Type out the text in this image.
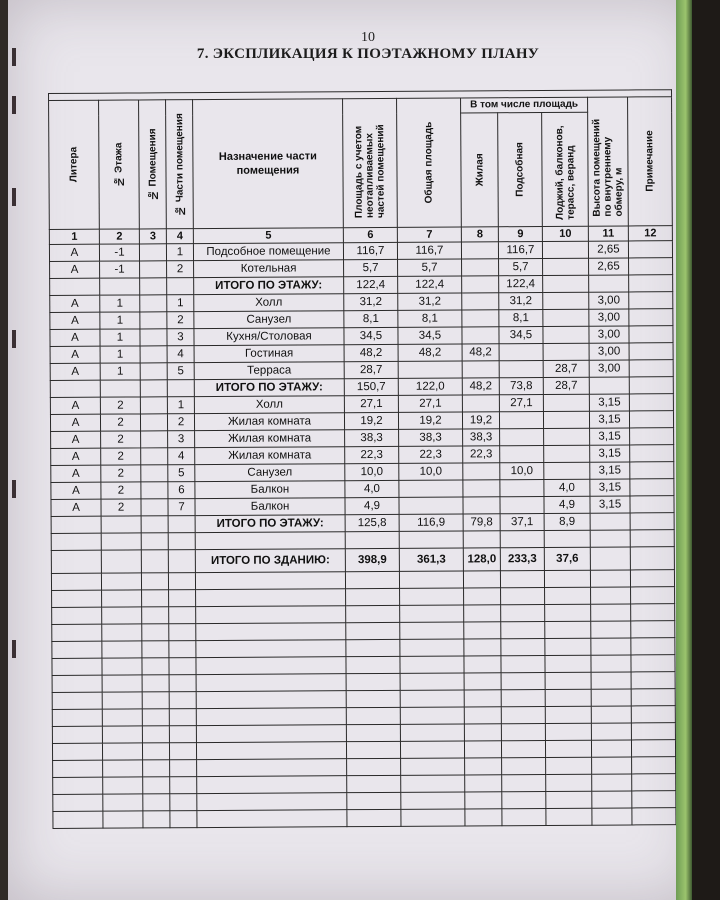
10
7. ЭКСПЛИКАЦИЯ К ПОЭТАЖНОМУ ПЛАНУ

Литера	№ Этажа	№ Помещения	№ Части помещения	Назначение части помещения	Площадь с учетом неотапливаемых частей помещений	Общая площадь	В том числе площадь			Высота помещений по внутреннему обмеру, м	Примечание

							Жилая	Подсобная	Лоджий, балконов, терасс, веранд		

1	2	3	4	5	6	7	8	9	10	11	12
А	-1		1	Подсобное помещение	116,7	116,7		116,7		2,65	
А	-1		2	Котельная	5,7	5,7		5,7		2,65	
				ИТОГО ПО ЭТАЖУ:	122,4	122,4		122,4			
А	1		1	Холл	31,2	31,2		31,2		3,00	
А	1		2	Санузел	8,1	8,1		8,1		3,00	
А	1		3	Кухня/Столовая	34,5	34,5		34,5		3,00	
А	1		4	Гостиная	48,2	48,2	48,2			3,00	
А	1		5	Терраса	28,7				28,7	3,00	
				ИТОГО ПО ЭТАЖУ:	150,7	122,0	48,2	73,8	28,7		
А	2		1	Холл	27,1	27,1		27,1		3,15	
А	2		2	Жилая комната	19,2	19,2	19,2			3,15	
А	2		3	Жилая комната	38,3	38,3	38,3			3,15	
А	2		4	Жилая комната	22,3	22,3	22,3			3,15	
А	2		5	Санузел	10,0	10,0		10,0		3,15	
А	2		6	Балкон	4,0				4,0	3,15	
А	2		7	Балкон	4,9				4,9	3,15	
				ИТОГО ПО ЭТАЖУ:	125,8	116,9	79,8	37,1	8,9		

				ИТОГО ПО ЗДАНИЮ:	398,9	361,3	128,0	233,3	37,6		
